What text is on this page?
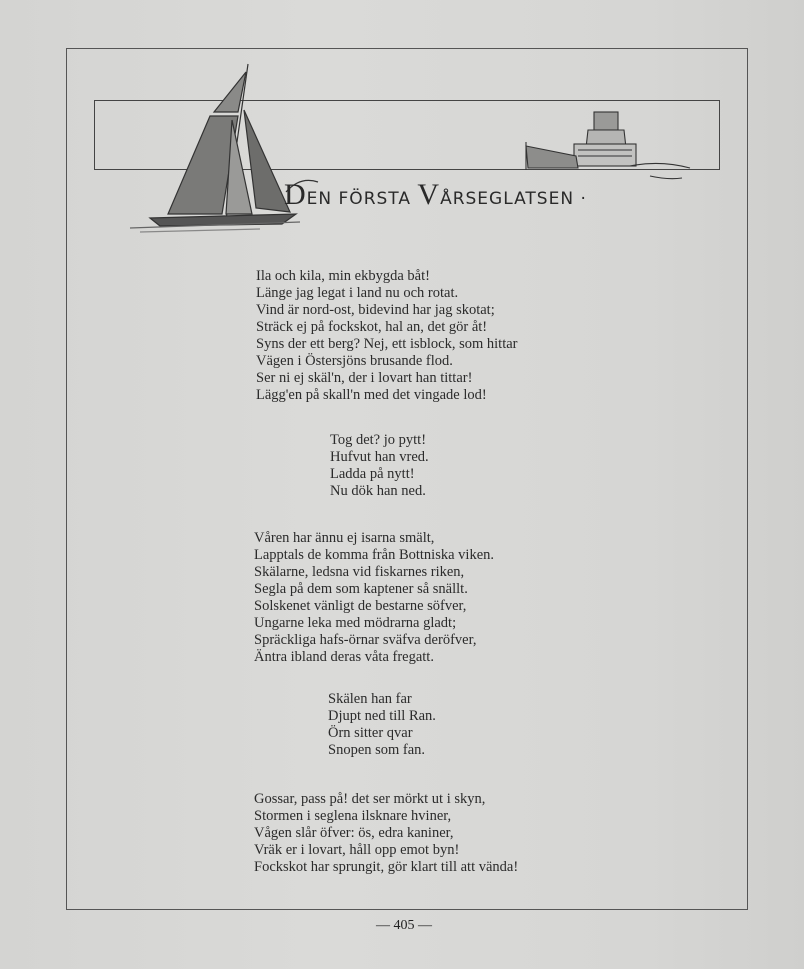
DEN FÖRSTA VÅRSEGLATSEN ·
Ila och kila, min ekbygda båt!
Länge jag legat i land nu och rotat.
Vind är nord-ost, bidevind har jag skotat;
Sträck ej på fockskot, hal an, det gör åt!
Syns der ett berg? Nej, ett isblock, som hittar
Vägen i Östersjöns brusande flod.
Ser ni ej skäl'n, der i lovart han tittar!
Lägg'en på skall'n med det vingade lod!
Tog det? jo pytt!
Hufvut han vred.
Ladda på nytt!
Nu dök han ned.
Våren har ännu ej isarna smält,
Lapptals de komma från Bottniska viken.
Skälarne, ledsna vid fiskarnes riken,
Segla på dem som kaptener så snällt.
Solskenet vänligt de bestarne söfver,
Ungarne leka med mödrarna gladt;
Spräckliga hafs-örnar sväfva deröfver,
Äntra ibland deras våta fregatt.
Skälen han far
Djupt ned till Ran.
Örn sitter qvar
Snopen som fan.
Gossar, pass på! det ser mörkt ut i skyn,
Stormen i seglena ilsknare hviner,
Vågen slår öfver: ös, edra kaniner,
Vräk er i lovart, håll opp emot byn!
Fockskot har sprungit, gör klart till att vända!
— 405 —
